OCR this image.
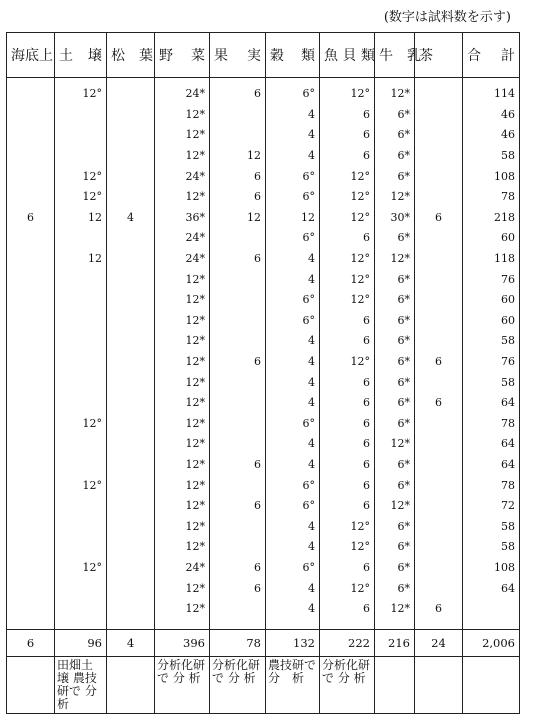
(数字は試料数を示す)
海底上	土　壌	松　葉	野　菜	果　実	穀　類	魚 貝 類	牛　乳	茶	合　計
	12°		24*	6	6°	12°	12*		114
			12*		4	6	6*		46
			12*		4	6	6*		46
			12*	12	4	6	6*		58
	12°		24*	6	6°	12°	6*		108
	12°		12*	6	6°	12°	12*		78
6	12	4	36*	12	12	12°	30*	6	218
			24*		6°	6	6*		60
	12		24*	6	4	12°	12*		118
			12*		4	12°	6*		76
			12*		6°	12°	6*		60
			12*		6°	6	6*		60
			12*		4	6	6*		58
			12*	6	4	12°	6*	6	76
			12*		4	6	6*		58
			12*		4	6	6*	6	64
	12°		12*		6°	6	6*		78
			12*		4	6	12*		64
			12*	6	4	6	6*		64
	12°		12*		6°	6	6*		78
			12*	6	6°	6	12*		72
			12*		4	12°	6*		58
			12*		4	12°	6*		58
	12°		24*	6	6°	6	6*		108
			12*	6	4	12°	6*		64
			12*		4	6	12*	6	

6	96	4	396	78	132	222	216	24	2,006
	田畑土壌 農技研で 分　析		分析化研 で 分 析	分析化研 で 分 析	農技研で 分　析	分析化研 で 分 析			
